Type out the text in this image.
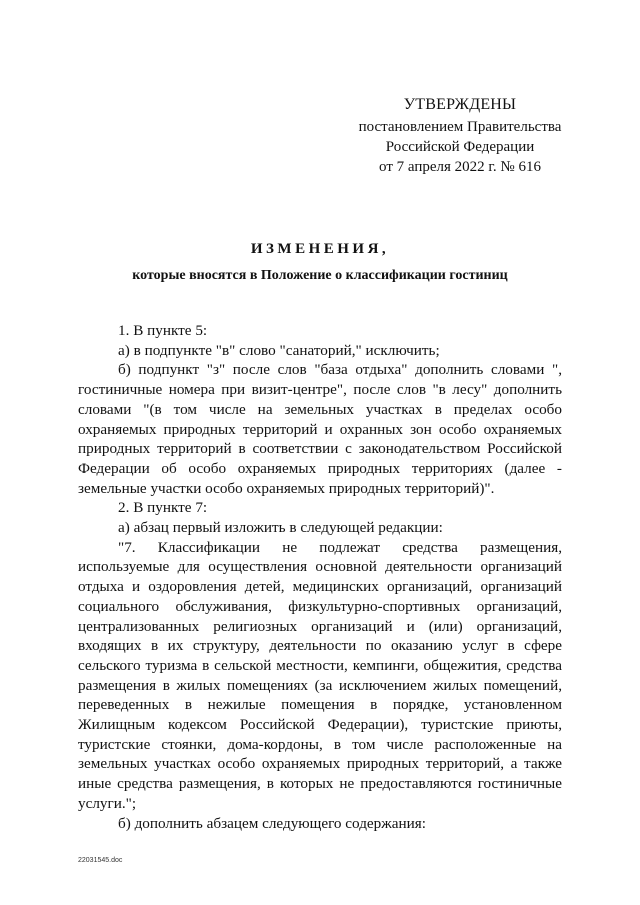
УТВЕРЖДЕНЫ
постановлением Правительства
Российской Федерации
от 7 апреля 2022 г. № 616
ИЗМЕНЕНИЯ,
которые вносятся в Положение о классификации гостиниц

1. В пункте 5:

а) в подпункте "в" слово "санаторий," исключить;

б) подпункт "з" после слов "база отдыха" дополнить словами ", гостиничные номера при визит-центре", после слов "в лесу" дополнить словами "(в том числе на земельных участках в пределах особо охраняемых природных территорий и охранных зон особо охраняемых природных территорий в соответствии с законодательством Российской Федерации об особо охраняемых природных территориях (далее - земельные участки особо охраняемых природных территорий)".

2. В пункте 7:

а) абзац первый изложить в следующей редакции:

"7. Классификации не подлежат средства размещения, используемые для осуществления основной деятельности организаций отдыха и оздоровления детей, медицинских организаций, организаций социального обслуживания, физкультурно-спортивных организаций, централизованных религиозных организаций и (или) организаций, входящих в их структуру, деятельности по оказанию услуг в сфере сельского туризма в сельской местности, кемпинги, общежития, средства размещения в жилых помещениях (за исключением жилых помещений, переведенных в нежилые помещения в порядке, установленном Жилищным кодексом Российской Федерации), туристские приюты, туристские стоянки, дома-кордоны, в том числе расположенные на земельных участках особо охраняемых природных территорий, а также иные средства размещения, в которых не предоставляются гостиничные услуги.";

б) дополнить абзацем следующего содержания:

22031545.doc
